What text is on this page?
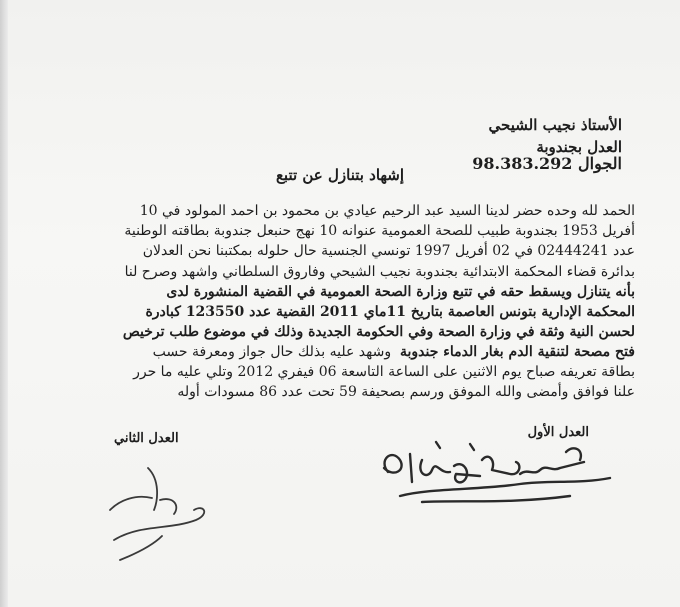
الأستاذ نجيب الشيحي
العدل بجندوبة
الجوال 98.383.292
إشهاد بتنازل عن تتبع
الحمد لله وحده حضر لدينا السيد عبد الرحيم عيادي بن محمود بن احمد المولود في 10
أفريل 1953 بجندوبة طبيب للصحة العمومية عنوانه 10 نهج حنبعل جندوبة بطاقته الوطنية
عدد 02444241 في 02 أفريل 1997 تونسي الجنسية حال حلوله بمكتبنا نحن العدلان
بدائرة قضاء المحكمة الابتدائية بجندوبة نجيب الشيحي وفاروق السلطاني واشهد وصرح لنا
بأنه يتنازل ويسقط حقه في تتبع وزارة الصحة العمومية في القضية المنشورة لدى
المحكمة الإدارية بتونس العاصمة بتاريخ 11ماي 2011 القضية عدد 123550 كبادرة
لحسن النية وثقة في وزارة الصحة وفي الحكومة الجديدة وذلك في موضوع طلب ترخيص
فتح مصحة لتنقية الدم بغار الدماء جندوبة  وشهد عليه بذلك حال جواز ومعرفة حسب
بطاقة تعريفه صباح يوم الاثنين على الساعة التاسعة 06 فيفري 2012 وتلي عليه ما حرر
علنا فوافق وأمضى والله الموفق ورسم بصحيفة 59 تحت عدد 86 مسودات أوله
العدل الأول
العدل الثاني
